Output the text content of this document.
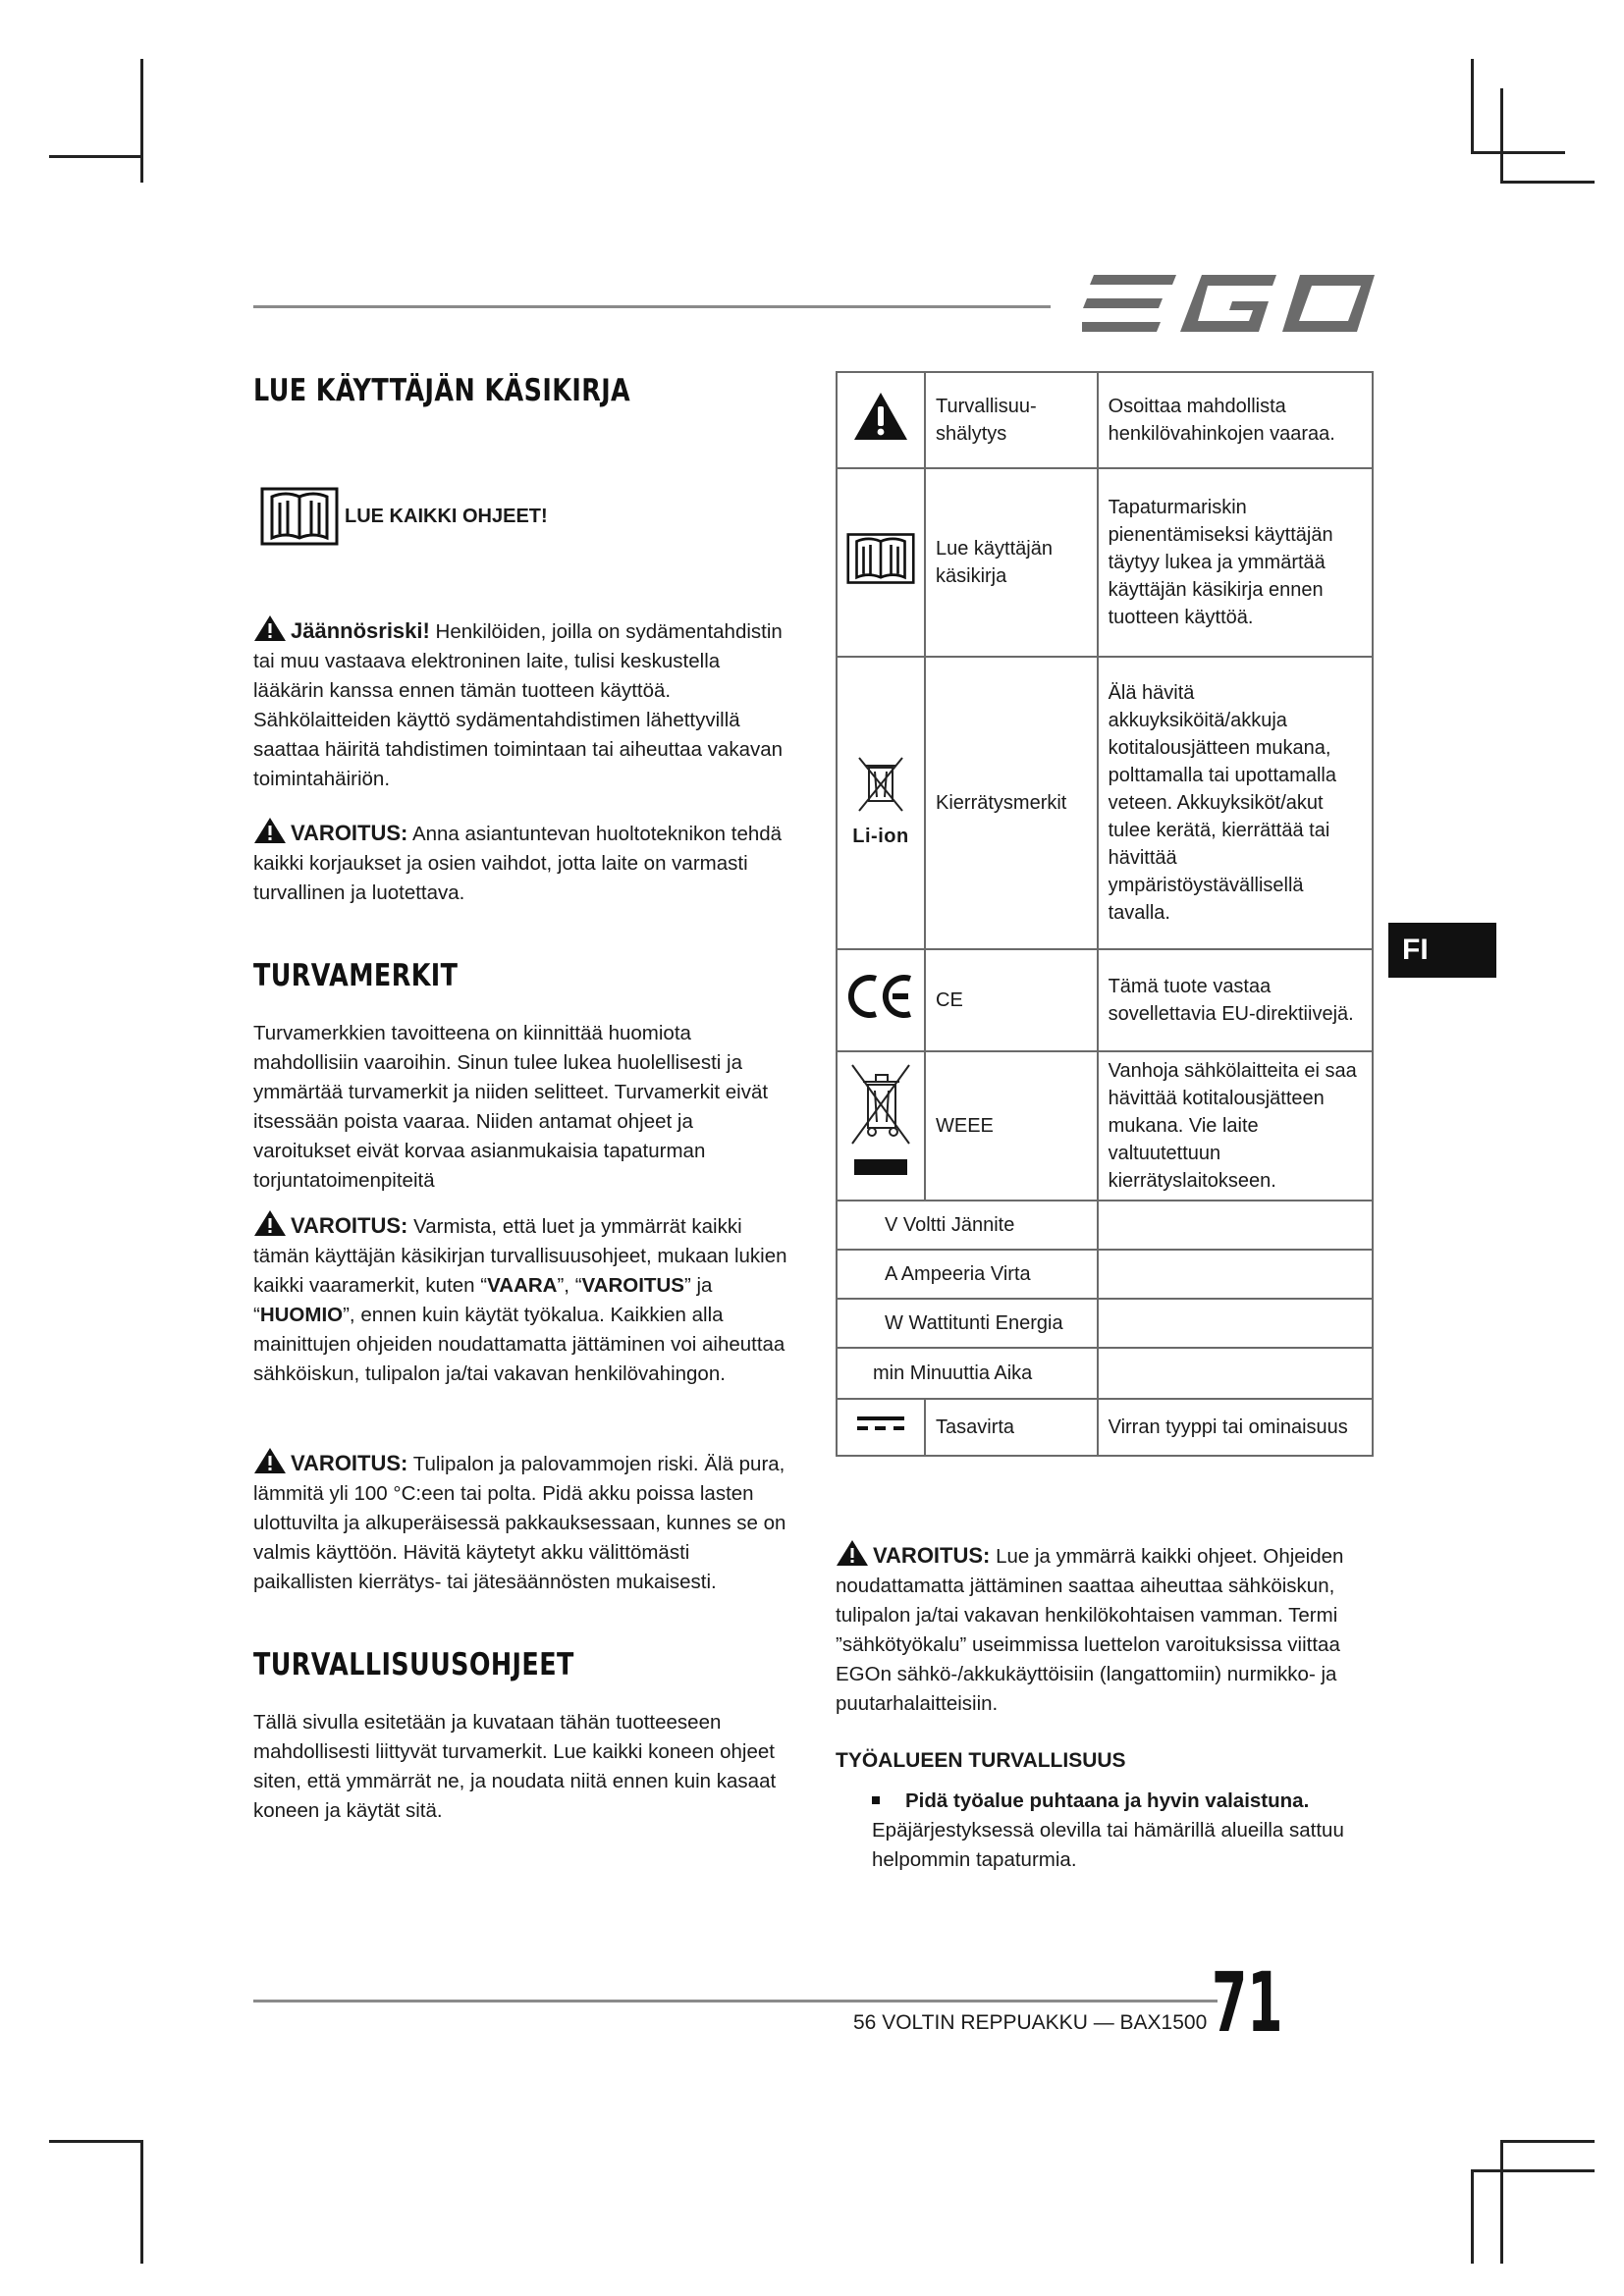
LUE KÄYTTÄJÄN KÄSIKIRJA
LUE KAIKKI OHJEET!

Jäännösriski! Henkilöiden, joilla on sydämentahdistin tai muu vastaava elektroninen laite, tulisi keskustella lääkärin kanssa ennen tämän tuotteen käyttöä. Sähkölaitteiden käyttö sydämentahdistimen lähettyvillä saattaa häiritä tahdistimen toimintaan tai aiheuttaa vakavan toimintahäiriön.

VAROITUS: Anna asiantuntevan huoltoteknikon tehdä kaikki korjaukset ja osien vaihdot, jotta laite on varmasti turvallinen ja luotettava.

TURVAMERKIT

Turvamerkkien tavoitteena on kiinnittää huomiota mahdollisiin vaaroihin. Sinun tulee lukea huolellisesti ja ymmärtää turvamerkit ja niiden selitteet. Turvamerkit eivät itsessään poista vaaraa. Niiden antamat ohjeet ja varoitukset eivät korvaa asianmukaisia tapaturman torjuntatoimenpiteitä

VAROITUS: Varmista, että luet ja ymmärrät kaikki tämän käyttäjän käsikirjan turvallisuusohjeet, mukaan lukien kaikki vaaramerkit, kuten “VAARA”, “VAROITUS” ja “HUOMIO”, ennen kuin käytät työkalua. Kaikkien alla mainittujen ohjeiden noudattamatta jättäminen voi aiheuttaa sähköiskun, tulipalon ja/tai vakavan henkilövahingon.

VAROITUS: Tulipalon ja palovammojen riski. Älä pura, lämmitä yli 100 °C:een tai polta. Pidä akku poissa lasten ulottuvilta ja alkuperäisessä pakkauksessaan, kunnes se on valmis käyttöön. Hävitä käytetyt akku välittömästi paikallisten kierrätys- tai jätesäännösten mukaisesti.

TURVALLISUUSOHJEET

Tällä sivulla esitetään ja kuvataan tähän tuotteeseen mahdollisesti liittyvät turvamerkit. Lue kaikki koneen ohjeet siten, että ymmärrät ne, ja noudata niitä ennen kuin kasaat koneen ja käytät sitä.

	Turvallisuu-shälytys	Osoittaa mahdollista henkilövahinkojen vaaraa.
	Lue käyttäjän käsikirja	Tapaturmariskin pienentämiseksi käyttäjän täytyy lukea ja ymmärtää käyttäjän käsikirja ennen tuotteen käyttöä.

Li-ion	Kierrätysmerkit	Älä hävitä akkuyksiköitä/akkuja kotitalousjätteen mukana, polttamalla tai upottamalla veteen. Akkuyksiköt/akut tulee kerätä, kierrättää tai hävittää ympäristöystävällisellä tavalla.
	CE	Tämä tuote vastaa sovellettavia EU-direktiivejä.
	WEEE	Vanhoja sähkölaitteita ei saa hävittää kotitalousjätteen mukana. Vie laite valtuutettuun kierrätyslaitokseen.
V Voltti Jännite		
A Ampeeria Virta		
W Wattitunti Energia		
min Minuuttia Aika		
	Tasavirta	Virran tyyppi tai ominaisuus

VAROITUS: Lue ja ymmärrä kaikki ohjeet. Ohjeiden noudattamatta jättäminen saattaa aiheuttaa sähköiskun, tulipalon ja/tai vakavan henkilökohtaisen vamman. Termi ”sähkötyökalu” useimmissa luettelon varoituksissa viittaa EGOn sähkö-/akkukäyttöisiin (langattomiin) nurmikko- ja puutarhalaitteisiin.

TYÖALUEEN TURVALLISUUS
Pidä työalue puhtaana ja hyvin valaistuna.
Epäjärjestyksessä olevilla tai hämärillä alueilla sattuu helpommin tapaturmia.
FI
56 VOLTIN REPPUAKKU — BAX1500 71
